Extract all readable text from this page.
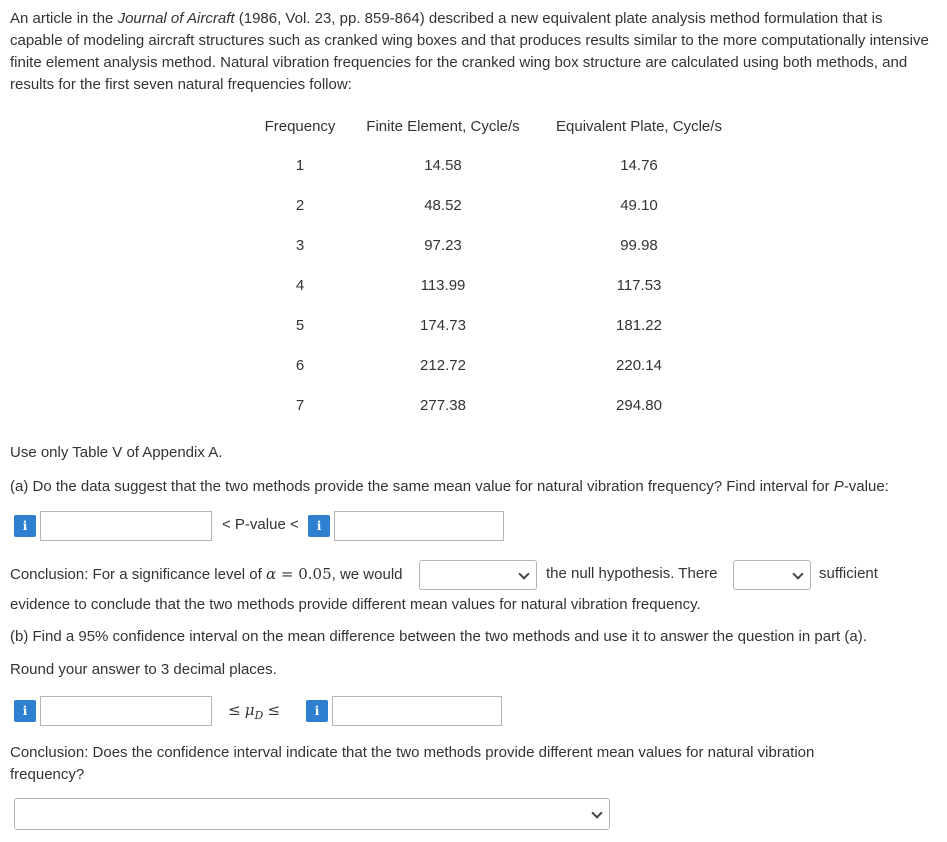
An article in the Journal of Aircraft (1986, Vol. 23, pp. 859-864) described a new equivalent plate analysis method formulation that is capable of modeling aircraft structures such as cranked wing boxes and that produces results similar to the more computationally intensive finite element analysis method. Natural vibration frequencies for the cranked wing box structure are calculated using both methods, and results for the first seven natural frequencies follow:
Frequency	Finite Element, Cycle/s	Equivalent Plate, Cycle/s
1	14.58	14.76
2	48.52	49.10
3	97.23	99.98
4	113.99	117.53
5	174.73	181.22
6	212.72	220.14
7	277.38	294.80
Use only Table V of Appendix A.
(a) Do the data suggest that the two methods provide the same mean value for natural vibration frequency? Find interval for P-value:
i	< P-value <	i
Conclusion: For a significance level of α = 0.05, we would	the null hypothesis. There	sufficient
evidence to conclude that the two methods provide different mean values for natural vibration frequency.
(b) Find a 95% confidence interval on the mean difference between the two methods and use it to answer the question in part (a).
Round your answer to 3 decimal places.
i	≤ $\mu_D$ ≤	i
Conclusion: Does the confidence interval indicate that the two methods provide different mean values for natural vibration frequency?
